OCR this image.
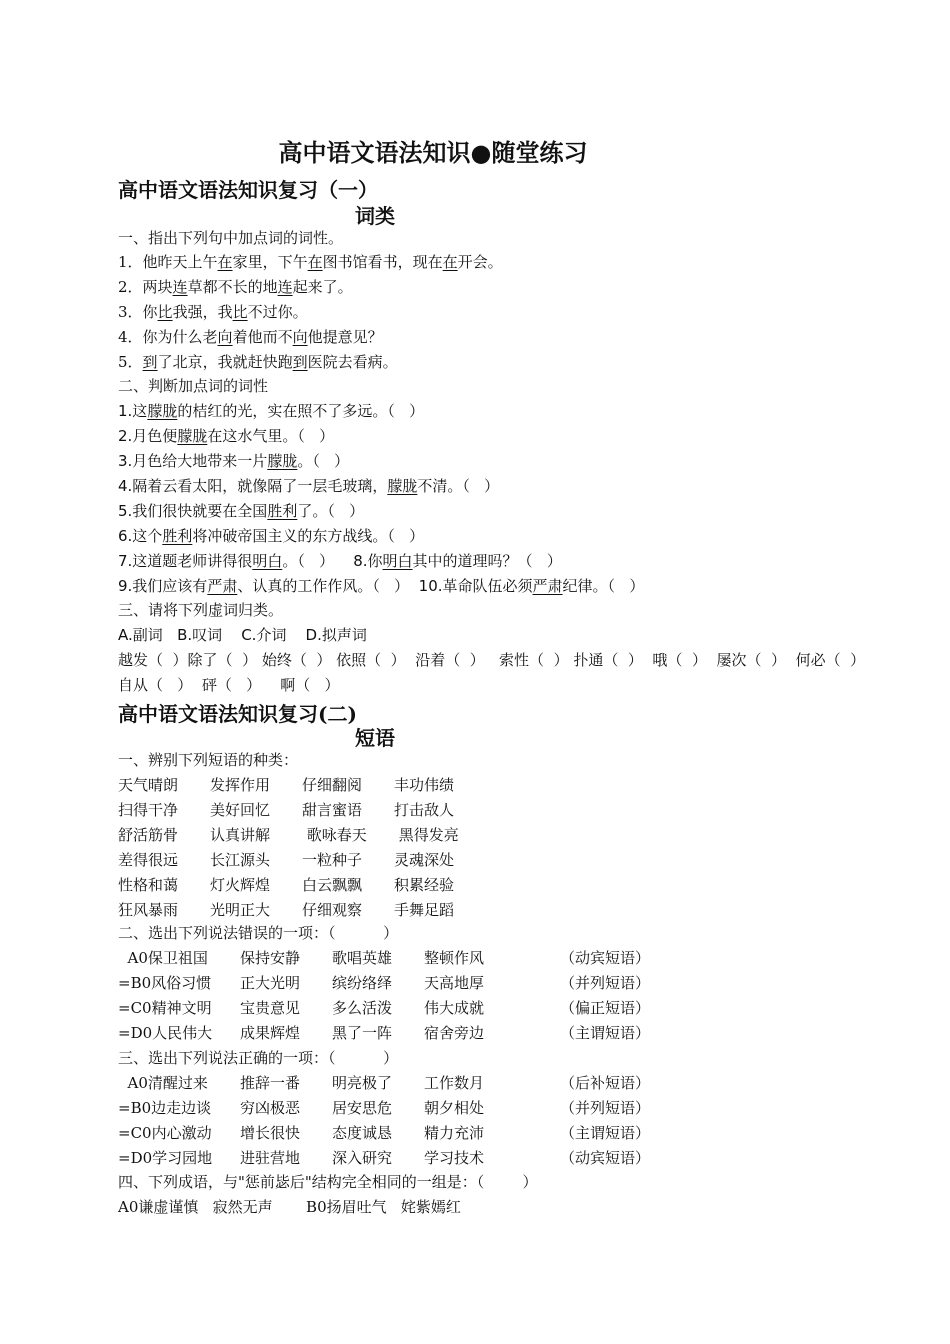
高中语文语法知识●随堂练习
高中语文语法知识复习（一）
词类
一、指出下列句中加点词的词性。
1．他昨天上午在家里，下午在图书馆看书，现在在开会。
2．两块连草都不长的地连起来了。
3．你比我强，我比不过你。
4．你为什么老向着他而不向他提意见？
5．到了北京，我就赶快跑到医院去看病。
二、判断加点词的词性
1.这朦胧的桔红的光，实在照不了多远。（   ）
2.月色便朦胧在这水气里。（   ）
3.月色给大地带来一片朦胧。（   ）
4.隔着云看太阳，就像隔了一层毛玻璃，朦胧不清。（   ）
5.我们很快就要在全国胜利了。（   ）
6.这个胜利将冲破帝国主义的东方战线。（   ）
7.这道题老师讲得很明白。（   ）    8.你明白其中的道理吗？（   ）
9.我们应该有严肃、认真的工作作风。（   ）  10.革命队伍必须严肃纪律。（   ）
三、请将下列虚词归类。
A.副词   B.叹词    C.介词    D.拟声词
越发（  ）除了（  ） 始终（  ） 依照（  ）  沿着（  ）   索性（  ） 扑通（  ）  哦（  ）  屡次（  ）  何必（  ）
自从（   ）  砰（   ）    啊（   ）
高中语文语法知识复习(二)
短语
一、辨别下列短语的种类：
天气晴朗 发挥作用 仔细翻阅 丰功伟绩
扫得干净 美好回忆 甜言蜜语 打击敌人
舒活筋骨 认真讲解 歌咏春天 黑得发亮
差得很远 长江源头 一粒种子 灵魂深处
性格和蔼 灯火辉煌 白云飘飘 积累经验
狂风暴雨 光明正大 仔细观察 手舞足蹈
二、选出下列说法错误的一项：（          ）
A0保卫祖国 保持安静 歌唱英雄 整顿作风	（动宾短语）
=B0风俗习惯 正大光明 缤纷络绎 天高地厚	（并列短语）
=C0精神文明 宝贵意见 多么活泼 伟大成就	（偏正短语）
=D0人民伟大 成果辉煌 黑了一阵 宿舍旁边	（主谓短语）
三、选出下列说法正确的一项：（          ）
A0清醒过来 推辞一番 明亮极了 工作数月	（后补短语）
=B0边走边谈 穷凶极恶 居安思危 朝夕相处	（并列短语）
=C0内心激动 增长很快 态度诚恳 精力充沛	（主谓短语）
=D0学习园地 进驻营地 深入研究 学习技术	（动宾短语）
四、下列成语，与"惩前毖后"结构完全相同的一组是：（        ）
A0谦虚谨慎   寂然无声       B0扬眉吐气   姹紫嫣红
